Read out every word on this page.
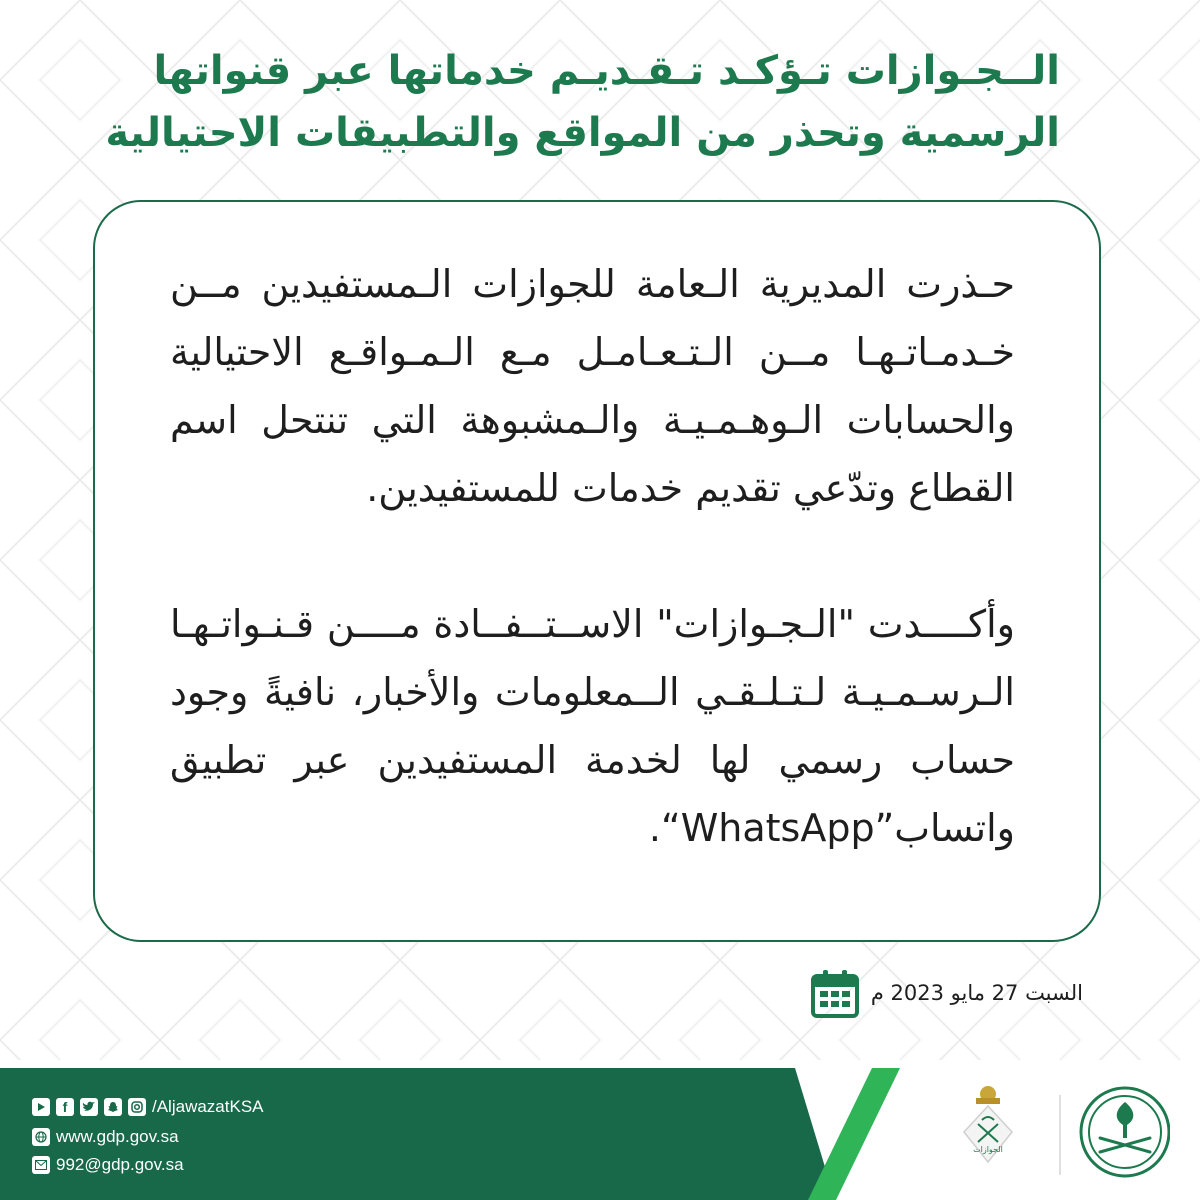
الــجـوازات تـؤكـد تـقـديـم خدماتها عبر قنواتها
الرسمية وتحذر من المواقع والتطبيقات الاحتيالية

حـذرت المديرية الـعامة للجوازات الـمستفيدين مــن خـدمـاتـهـا مــن الـتـعـامـل مـع الـمـواقـع الاحتيالية والحسابات الـوهـمـيـة والـمشبوهة التي تنتحل اسم القطاع وتدّعي تقديم خدمات للمستفيدين.

وأكــــدت "الـجـوازات" الاســتــفــادة مــــن قـنـواتـهـا الـرسـمـيـة لـتـلـقـي الــمعلومات والأخبار، نافيةً وجود حساب رسمي لها لخدمة المستفيدين عبر تطبيق واتساب”WhatsApp“.

السبت 27 مايو 2023 م
f	/AljawazatKSA
www.gdp.gov.sa
992@gdp.gov.sa
الجوازات
